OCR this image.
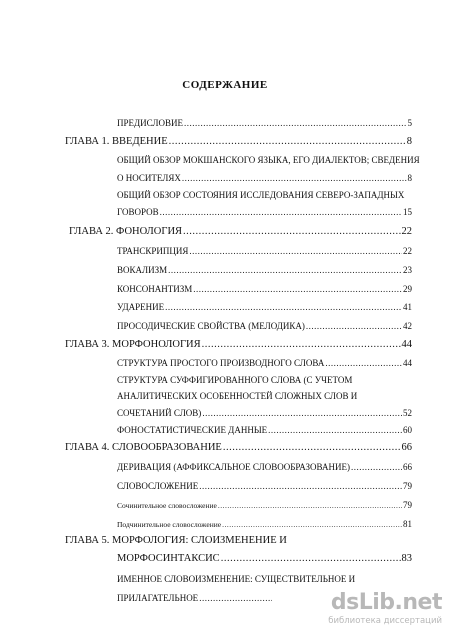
СОДЕРЖАНИЕ
ПРЕДИСЛОВИЕ .....	5
ГЛАВА 1. ВВЕДЕНИЕ .....	8
ОБЩИЙ ОБЗОР МОКШАНСКОГО ЯЗЫКА, ЕГО ДИАЛЕКТОВ; СВЕДЕНИЯ
О НОСИТЕЛЯХ .....	8
ОБЩИЙ ОБЗОР СОСТОЯНИЯ ИССЛЕДОВАНИЯ СЕВЕРО-ЗАПАДНЫХ
ГОВОРОВ .....	15
ГЛАВА 2. ФОНОЛОГИЯ .....	22
ТРАНСКРИПЦИЯ .....	22
ВОКАЛИЗМ .....	23
КОНСОНАНТИЗМ .....	29
УДАРЕНИЕ .....	41
ПРОСОДИЧЕСКИЕ СВОЙСТВА (МЕЛОДИКА) .....	42
ГЛАВА 3. МОРФОНОЛОГИЯ .....	44
СТРУКТУРА ПРОСТОГО ПРОИЗВОДНОГО СЛОВА .....	44
СТРУКТУРА СУФФИГИРОВАННОГО СЛОВА (С УЧЕТОМ
АНАЛИТИЧЕСКИХ ОСОБЕННОСТЕЙ СЛОЖНЫХ СЛОВ И
СОЧЕТАНИЙ СЛОВ) .....	52
ФОНОСТАТИСТИЧЕСКИЕ ДАННЫЕ .....	60
ГЛАВА 4. СЛОВООБРАЗОВАНИЕ .....	66
ДЕРИВАЦИЯ (АФФИКСАЛЬНОЕ СЛОВООБРАЗОВАНИЕ) .....	66
СЛОВОСЛОЖЕНИЕ .....	79
Сочинительное словосложение .....	79
Подчинительное словосложение .....	81
ГЛАВА 5. МОРФОЛОГИЯ: СЛОИЗМЕНЕНИЕ И
МОРФОСИНТАКСИС .....	83
ИМЕННОЕ СЛОВОИЗМЕНЕНИЕ: СУЩЕСТВИТЕЛЬНОЕ И
ПРИЛАГАТЕЛЬНОЕ .....	dsLib.net
библиотека диссертаций
